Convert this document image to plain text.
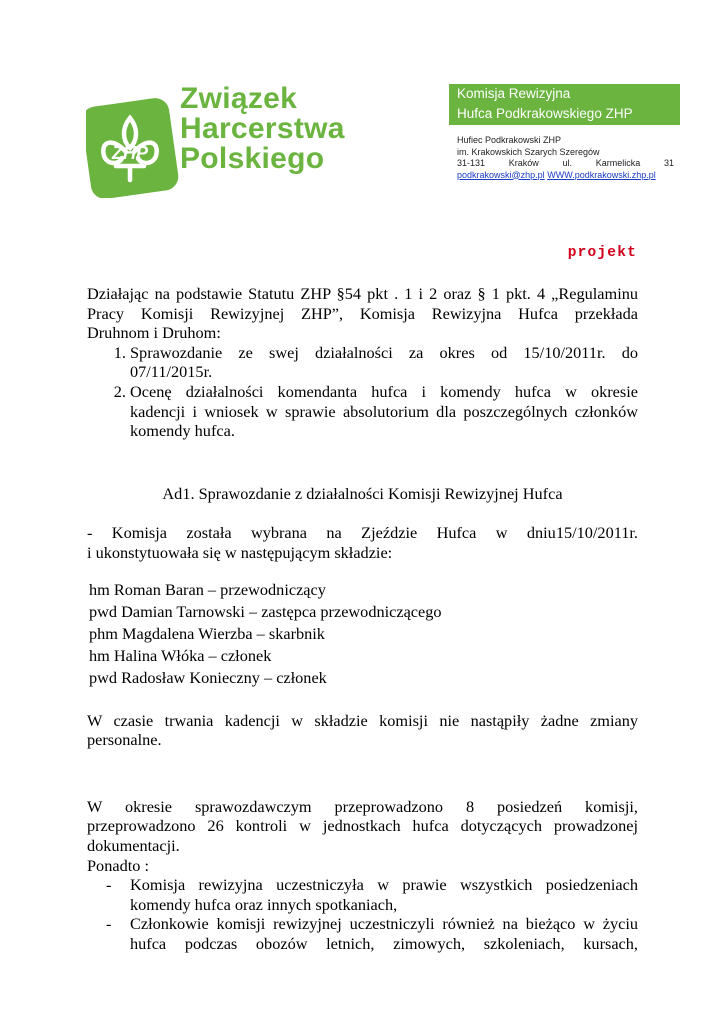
ZHP
Związek
Harcerstwa
Polskiego
Komisja Rewizyjna
Hufca Podkrakowskiego ZHP
Hufiec Podkrakowski ZHP
im. Krakowskich Szarych Szeregów
31-131	Kraków	ul.	Karmelicka	31
podkrakowski@zhp.pl WWW.podkrakowski.zhp.pl
projekt

Działając na podstawie Statutu ZHP §54 pkt . 1 i 2 oraz § 1 pkt. 4 „Regulaminu

Pracy Komisji Rewizyjnej ZHP”, Komisja Rewizyjna Hufca przekłada

Druhnom i Druhom:

1. Sprawozdanie ze swej działalności za okres od 15/10/2011r. do

07/11/2015r.

2. Ocenę działalności komendanta hufca i komendy hufca w okresie

kadencji i wniosek w sprawie absolutorium dla poszczególnych członków

komendy hufca.

Ad1. Sprawozdanie z działalności Komisji Rewizyjnej Hufca

- Komisja została wybrana na Zjeździe Hufca w dniu15/10/2011r.

i ukonstytuowała się w następującym składzie:

hm Roman Baran – przewodniczący

pwd Damian Tarnowski – zastępca przewodniczącego

phm Magdalena Wierzba – skarbnik

hm Halina Włóka – członek

pwd Radosław Konieczny – członek

W czasie trwania kadencji w składzie komisji nie nastąpiły żadne zmiany

personalne.

W okresie sprawozdawczym przeprowadzono 8 posiedzeń komisji,

przeprowadzono 26 kontroli w jednostkach hufca dotyczących prowadzonej

dokumentacji.

Ponadto :

-	Komisja rewizyjna uczestniczyła w prawie wszystkich posiedzeniach

komendy hufca oraz innych spotkaniach,

-	Członkowie komisji rewizyjnej uczestniczyli również na bieżąco w życiu

hufca podczas obozów letnich, zimowych, szkoleniach, kursach,
